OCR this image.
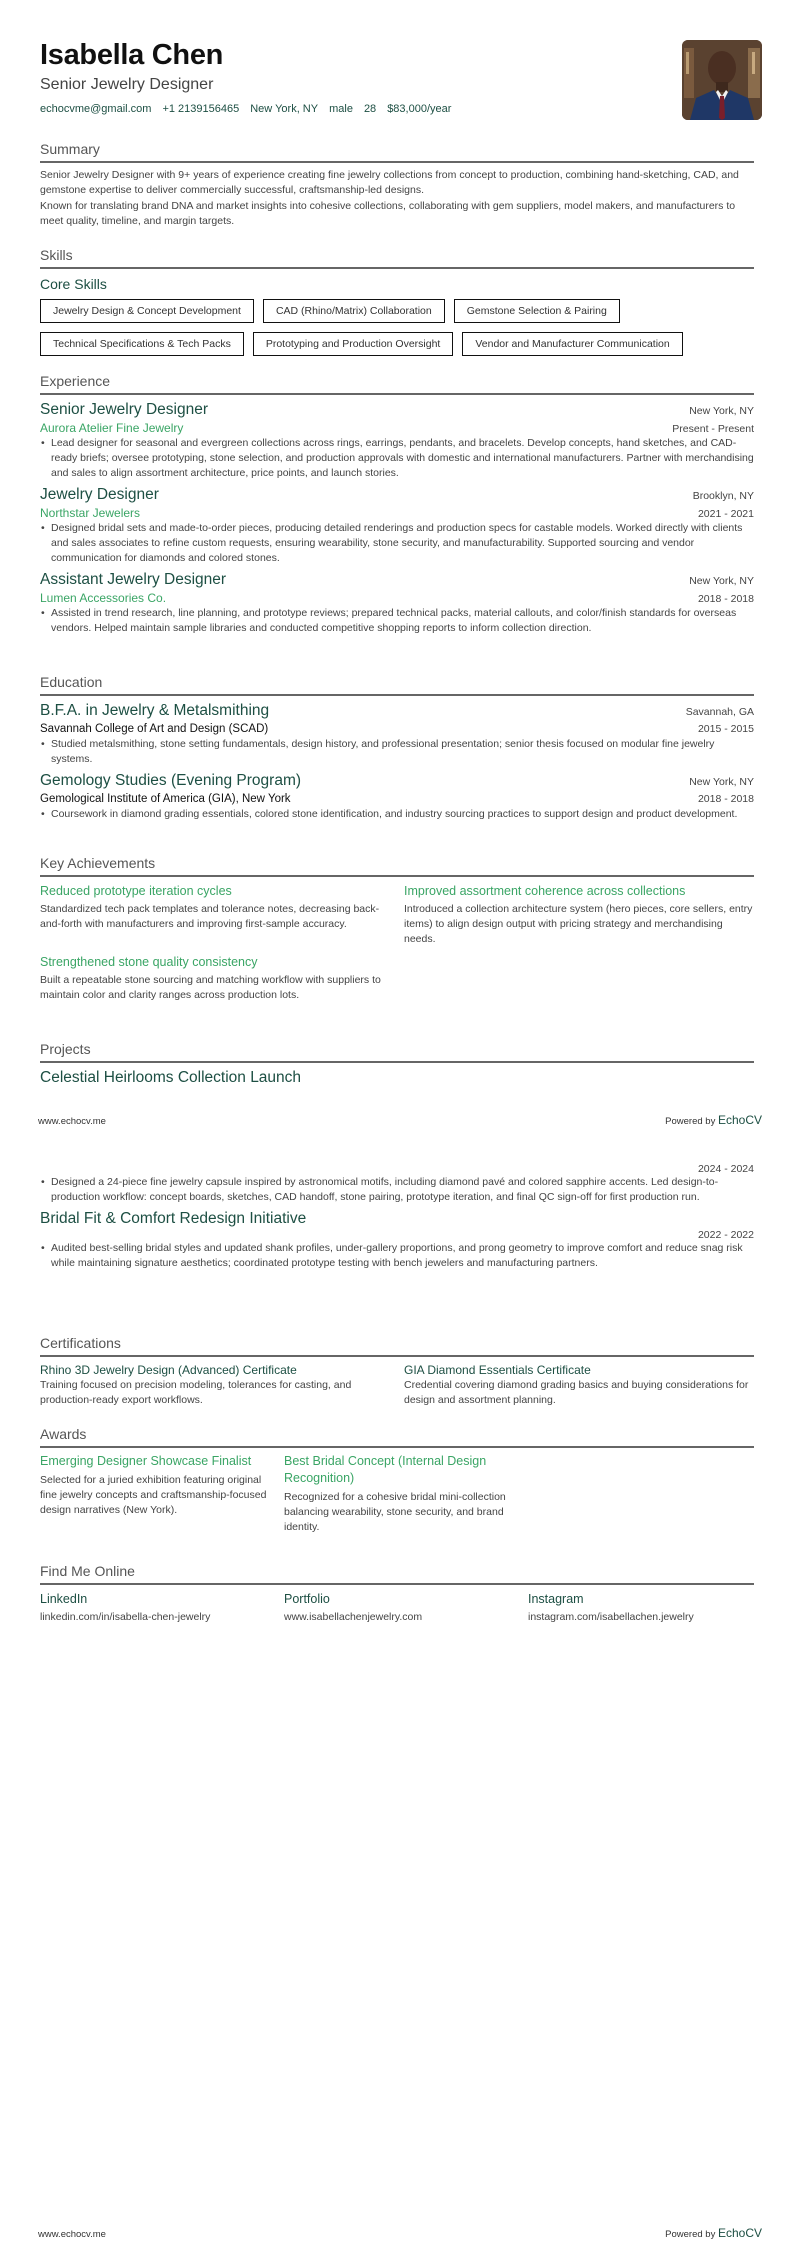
Isabella Chen
Senior Jewelry Designer
echocvme@gmail.com +1 2139156465 New York, NY male 28 $83,000/year
Summary

Senior Jewelry Designer with 9+ years of experience creating fine jewelry collections from concept to production, combining hand-sketching, CAD, and gemstone expertise to deliver commercially successful, craftsmanship-led designs.

Known for translating brand DNA and market insights into cohesive collections, collaborating with gem suppliers, model makers, and manufacturers to meet quality, timeline, and margin targets.

Skills
Core Skills
Jewelry Design & Concept Development	CAD (Rhino/Matrix) Collaboration	Gemstone Selection & Pairing
Technical Specifications & Tech Packs	Prototyping and Production Oversight	Vendor and Manufacturer Communication
Experience
Senior Jewelry Designer	New York, NY
Aurora Atelier Fine Jewelry	Present - Present
• Lead designer for seasonal and evergreen collections across rings, earrings, pendants, and bracelets. Develop concepts, hand sketches, and CAD-ready briefs; oversee prototyping, stone selection, and production approvals with domestic and international manufacturers. Partner with merchandising and sales to align assortment architecture, price points, and launch stories.
Jewelry Designer	Brooklyn, NY
Northstar Jewelers	2021 - 2021
• Designed bridal sets and made-to-order pieces, producing detailed renderings and production specs for castable models. Worked directly with clients and sales associates to refine custom requests, ensuring wearability, stone security, and manufacturability. Supported sourcing and vendor communication for diamonds and colored stones.
Assistant Jewelry Designer	New York, NY
Lumen Accessories Co.	2018 - 2018
• Assisted in trend research, line planning, and prototype reviews; prepared technical packs, material callouts, and color/finish standards for overseas vendors. Helped maintain sample libraries and conducted competitive shopping reports to inform collection direction.
Education
B.F.A. in Jewelry & Metalsmithing	Savannah, GA
Savannah College of Art and Design (SCAD)	2015 - 2015
• Studied metalsmithing, stone setting fundamentals, design history, and professional presentation; senior thesis focused on modular fine jewelry systems.
Gemology Studies (Evening Program)	New York, NY
Gemological Institute of America (GIA), New York	2018 - 2018
• Coursework in diamond grading essentials, colored stone identification, and industry sourcing practices to support design and product development.
Key Achievements
Reduced prototype iteration cycles

Standardized tech pack templates and tolerance notes, decreasing back-and-forth with manufacturers and improving first-sample accuracy.

Improved assortment coherence across collections

Introduced a collection architecture system (hero pieces, core sellers, entry items) to align design output with pricing strategy and merchandising needs.

Strengthened stone quality consistency

Built a repeatable stone sourcing and matching workflow with suppliers to maintain color and clarity ranges across production lots.

Projects
Celestial Heirlooms Collection Launch
www.echocv.me	Powered by EchoCV
2024 - 2024
• Designed a 24-piece fine jewelry capsule inspired by astronomical motifs, including diamond pavé and colored sapphire accents. Led design-to-production workflow: concept boards, sketches, CAD handoff, stone pairing, prototype iteration, and final QC sign-off for first production run.
Bridal Fit & Comfort Redesign Initiative
2022 - 2022
• Audited best-selling bridal styles and updated shank profiles, under-gallery proportions, and prong geometry to improve comfort and reduce snag risk while maintaining signature aesthetics; coordinated prototype testing with bench jewelers and manufacturing partners.
Certifications
Rhino 3D Jewelry Design (Advanced) Certificate

Training focused on precision modeling, tolerances for casting, and production-ready export workflows.

GIA Diamond Essentials Certificate

Credential covering diamond grading basics and buying considerations for design and assortment planning.

Awards
Emerging Designer Showcase Finalist

Selected for a juried exhibition featuring original fine jewelry concepts and craftsmanship-focused design narratives (New York).

Best Bridal Concept (Internal Design Recognition)

Recognized for a cohesive bridal mini-collection balancing wearability, stone security, and brand identity.

Find Me Online
LinkedIn
linkedin.com/in/isabella-chen-jewelry
Portfolio
www.isabellachenjewelry.com
Instagram
instagram.com/isabellachen.jewelry
www.echocv.me	Powered by EchoCV
